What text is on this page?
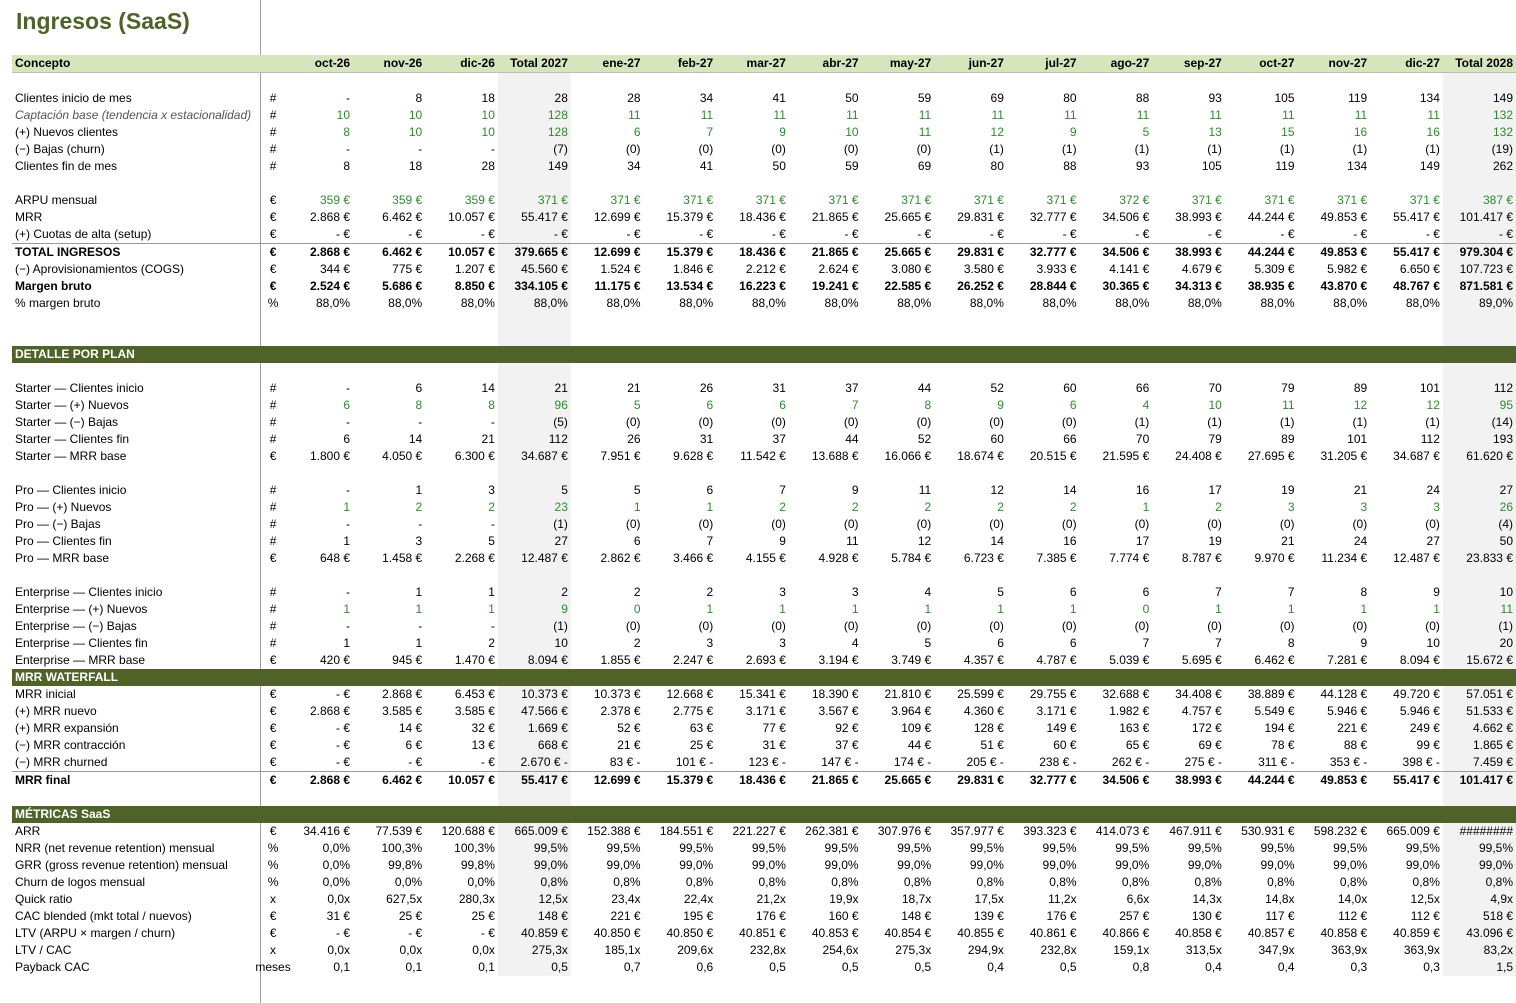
Ingresos (SaaS)
Concepto		oct-26	nov-26	dic-26	Total 2027	ene-27	feb-27	mar-27	abr-27	may-27	jun-27	jul-27	ago-27	sep-27	oct-27	nov-27	dic-27	Total 2028

Clientes inicio de mes	#	-	8	18	28	28	34	41	50	59	69	80	88	93	105	119	134	149
Captación base (tendencia x estacionalidad)	#	10	10	10	128	11	11	11	11	11	11	11	11	11	11	11	11	132
(+) Nuevos clientes	#	8	10	10	128	6	7	9	10	11	12	9	5	13	15	16	16	132
(−) Bajas (churn)	#	-	-	-	(7)	(0)	(0)	(0)	(0)	(0)	(1)	(1)	(1)	(1)	(1)	(1)	(1)	(19)
Clientes fin de mes	#	8	18	28	149	34	41	50	59	69	80	88	93	105	119	134	149	262

ARPU mensual	€	359 €	359 €	359 €	371 €	371 €	371 €	371 €	371 €	371 €	371 €	371 €	372 €	371 €	371 €	371 €	371 €	387 €
MRR	€	2.868 €	6.462 €	10.057 €	55.417 €	12.699 €	15.379 €	18.436 €	21.865 €	25.665 €	29.831 €	32.777 €	34.506 €	38.993 €	44.244 €	49.853 €	55.417 €	101.417 €
(+) Cuotas de alta (setup)	€	- €	- €	- €	- €	- €	- €	- €	- €	- €	- €	- €	- €	- €	- €	- €	- €	- €
TOTAL INGRESOS	€	2.868 €	6.462 €	10.057 €	379.665 €	12.699 €	15.379 €	18.436 €	21.865 €	25.665 €	29.831 €	32.777 €	34.506 €	38.993 €	44.244 €	49.853 €	55.417 €	979.304 €
(−) Aprovisionamientos (COGS)	€	344 €	775 €	1.207 €	45.560 €	1.524 €	1.846 €	2.212 €	2.624 €	3.080 €	3.580 €	3.933 €	4.141 €	4.679 €	5.309 €	5.982 €	6.650 €	107.723 €
Margen bruto	€	2.524 €	5.686 €	8.850 €	334.105 €	11.175 €	13.534 €	16.223 €	19.241 €	22.585 €	26.252 €	28.844 €	30.365 €	34.313 €	38.935 €	43.870 €	48.767 €	871.581 €
% margen bruto	%	88,0%	88,0%	88,0%	88,0%	88,0%	88,0%	88,0%	88,0%	88,0%	88,0%	88,0%	88,0%	88,0%	88,0%	88,0%	88,0%	89,0%

DETALLE POR PLAN																		

Starter — Clientes inicio	#	-	6	14	21	21	26	31	37	44	52	60	66	70	79	89	101	112
Starter — (+) Nuevos	#	6	8	8	96	5	6	6	7	8	9	6	4	10	11	12	12	95
Starter — (−) Bajas	#	-	-	-	(5)	(0)	(0)	(0)	(0)	(0)	(0)	(0)	(1)	(1)	(1)	(1)	(1)	(14)
Starter — Clientes fin	#	6	14	21	112	26	31	37	44	52	60	66	70	79	89	101	112	193
Starter — MRR base	€	1.800 €	4.050 €	6.300 €	34.687 €	7.951 €	9.628 €	11.542 €	13.688 €	16.066 €	18.674 €	20.515 €	21.595 €	24.408 €	27.695 €	31.205 €	34.687 €	61.620 €

Pro — Clientes inicio	#	-	1	3	5	5	6	7	9	11	12	14	16	17	19	21	24	27
Pro — (+) Nuevos	#	1	2	2	23	1	1	2	2	2	2	2	1	2	3	3	3	26
Pro — (−) Bajas	#	-	-	-	(1)	(0)	(0)	(0)	(0)	(0)	(0)	(0)	(0)	(0)	(0)	(0)	(0)	(4)
Pro — Clientes fin	#	1	3	5	27	6	7	9	11	12	14	16	17	19	21	24	27	50
Pro — MRR base	€	648 €	1.458 €	2.268 €	12.487 €	2.862 €	3.466 €	4.155 €	4.928 €	5.784 €	6.723 €	7.385 €	7.774 €	8.787 €	9.970 €	11.234 €	12.487 €	23.833 €

Enterprise — Clientes inicio	#	-	1	1	2	2	2	3	3	4	5	6	6	7	7	8	9	10
Enterprise — (+) Nuevos	#	1	1	1	9	0	1	1	1	1	1	1	0	1	1	1	1	11
Enterprise — (−) Bajas	#	-	-	-	(1)	(0)	(0)	(0)	(0)	(0)	(0)	(0)	(0)	(0)	(0)	(0)	(0)	(1)
Enterprise — Clientes fin	#	1	1	2	10	2	3	3	4	5	6	6	7	7	8	9	10	20
Enterprise — MRR base	€	420 €	945 €	1.470 €	8.094 €	1.855 €	2.247 €	2.693 €	3.194 €	3.749 €	4.357 €	4.787 €	5.039 €	5.695 €	6.462 €	7.281 €	8.094 €	15.672 €
MRR WATERFALL																		
MRR inicial	€	- €	2.868 €	6.453 €	10.373 €	10.373 €	12.668 €	15.341 €	18.390 €	21.810 €	25.599 €	29.755 €	32.688 €	34.408 €	38.889 €	44.128 €	49.720 €	57.051 €
(+) MRR nuevo	€	2.868 €	3.585 €	3.585 €	47.566 €	2.378 €	2.775 €	3.171 €	3.567 €	3.964 €	4.360 €	3.171 €	1.982 €	4.757 €	5.549 €	5.946 €	5.946 €	51.533 €
(+) MRR expansión	€	- €	14 €	32 €	1.669 €	52 €	63 €	77 €	92 €	109 €	128 €	149 €	163 €	172 €	194 €	221 €	249 €	4.662 €
(−) MRR contracción	€	- €	6 €	13 €	668 €	21 €	25 €	31 €	37 €	44 €	51 €	60 €	65 €	69 €	78 €	88 €	99 €	1.865 €
(−) MRR churned	€	- €	- €	- €	2.670 € -	83 € -	101 € -	123 € -	147 € -	174 € -	205 € -	238 € -	262 € -	275 € -	311 € -	353 € -	398 € -	7.459 €
MRR final	€	2.868 €	6.462 €	10.057 €	55.417 €	12.699 €	15.379 €	18.436 €	21.865 €	25.665 €	29.831 €	32.777 €	34.506 €	38.993 €	44.244 €	49.853 €	55.417 €	101.417 €

MÉTRICAS SaaS																		
ARR	€	34.416 €	77.539 €	120.688 €	665.009 €	152.388 €	184.551 €	221.227 €	262.381 €	307.976 €	357.977 €	393.323 €	414.073 €	467.911 €	530.931 €	598.232 €	665.009 €	########
NRR (net revenue retention) mensual	%	0,0%	100,3%	100,3%	99,5%	99,5%	99,5%	99,5%	99,5%	99,5%	99,5%	99,5%	99,5%	99,5%	99,5%	99,5%	99,5%	99,5%
GRR (gross revenue retention) mensual	%	0,0%	99,8%	99,8%	99,0%	99,0%	99,0%	99,0%	99,0%	99,0%	99,0%	99,0%	99,0%	99,0%	99,0%	99,0%	99,0%	99,0%
Churn de logos mensual	%	0,0%	0,0%	0,0%	0,8%	0,8%	0,8%	0,8%	0,8%	0,8%	0,8%	0,8%	0,8%	0,8%	0,8%	0,8%	0,8%	0,8%
Quick ratio	x	0,0x	627,5x	280,3x	12,5x	23,4x	22,4x	21,2x	19,9x	18,7x	17,5x	11,2x	6,6x	14,3x	14,8x	14,0x	12,5x	4,9x
CAC blended (mkt total / nuevos)	€	31 €	25 €	25 €	148 €	221 €	195 €	176 €	160 €	148 €	139 €	176 €	257 €	130 €	117 €	112 €	112 €	518 €
LTV (ARPU × margen / churn)	€	- €	- €	- €	40.859 €	40.850 €	40.850 €	40.851 €	40.853 €	40.854 €	40.855 €	40.861 €	40.866 €	40.858 €	40.857 €	40.858 €	40.859 €	43.096 €
LTV / CAC	x	0,0x	0,0x	0,0x	275,3x	185,1x	209,6x	232,8x	254,6x	275,3x	294,9x	232,8x	159,1x	313,5x	347,9x	363,9x	363,9x	83,2x
Payback CAC	meses	0,1	0,1	0,1	0,5	0,7	0,6	0,5	0,5	0,5	0,4	0,5	0,8	0,4	0,4	0,3	0,3	1,5
